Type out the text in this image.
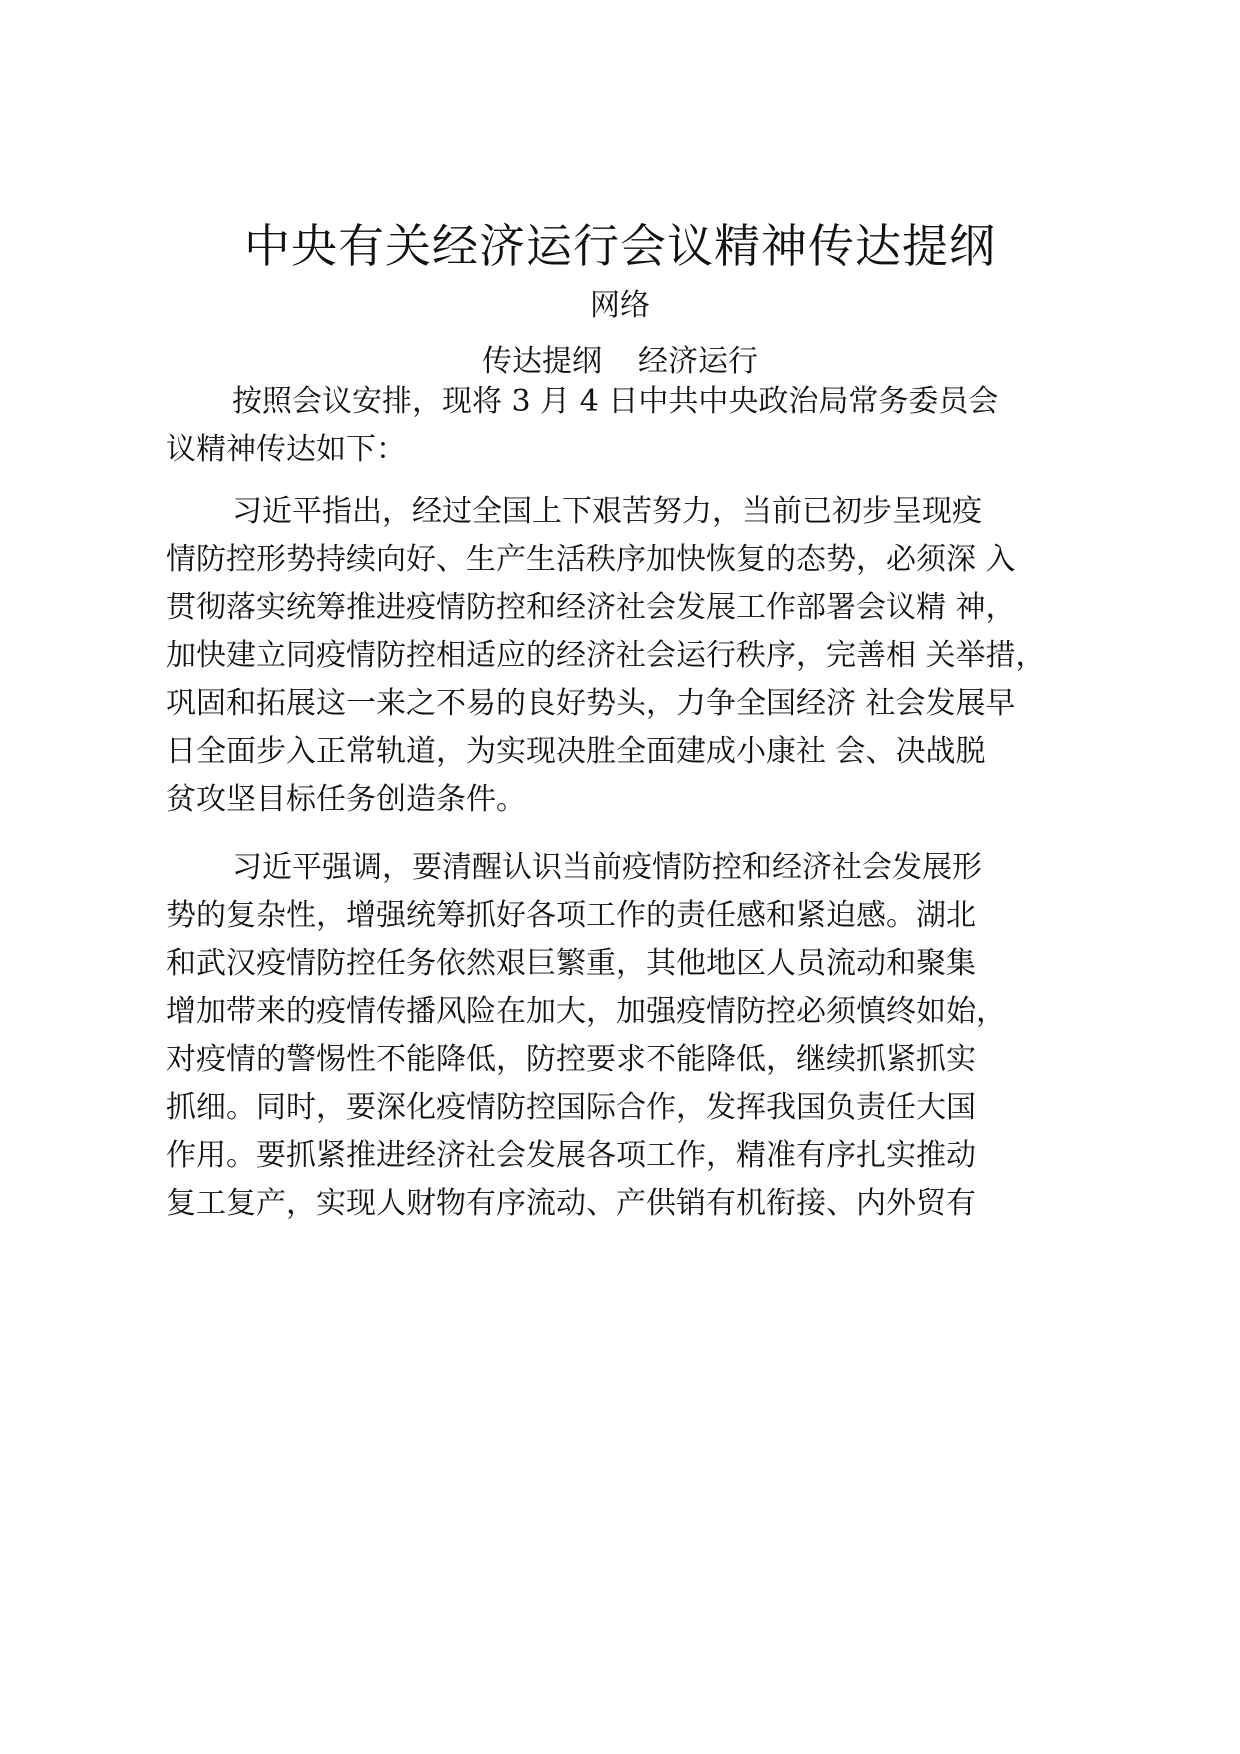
中央有关经济运行会议精神传达提纲
网络
传达提纲 经济运行
按照会议安排，现将 3 月 4 日中共中央政治局常务委员会
议精神传达如下：
习近平指出，经过全国上下艰苦努力，当前已初步呈现疫
情防控形势持续向好、生产生活秩序加快恢复的态势，必须深 入
贯彻落实统筹推进疫情防控和经济社会发展工作部署会议精 神，
加快建立同疫情防控相适应的经济社会运行秩序，完善相 关举措，
巩固和拓展这一来之不易的良好势头，力争全国经济 社会发展早
日全面步入正常轨道，为实现决胜全面建成小康社 会、决战脱
贫攻坚目标任务创造条件。
习近平强调，要清醒认识当前疫情防控和经济社会发展形
势的复杂性，增强统筹抓好各项工作的责任感和紧迫感。湖北
和武汉疫情防控任务依然艰巨繁重，其他地区人员流动和聚集
增加带来的疫情传播风险在加大，加强疫情防控必须慎终如始，
对疫情的警惕性不能降低，防控要求不能降低，继续抓紧抓实
抓细。同时，要深化疫情防控国际合作，发挥我国负责任大国
作用。要抓紧推进经济社会发展各项工作，精准有序扎实推动
复工复产，实现人财物有序流动、产供销有机衔接、内外贸有
